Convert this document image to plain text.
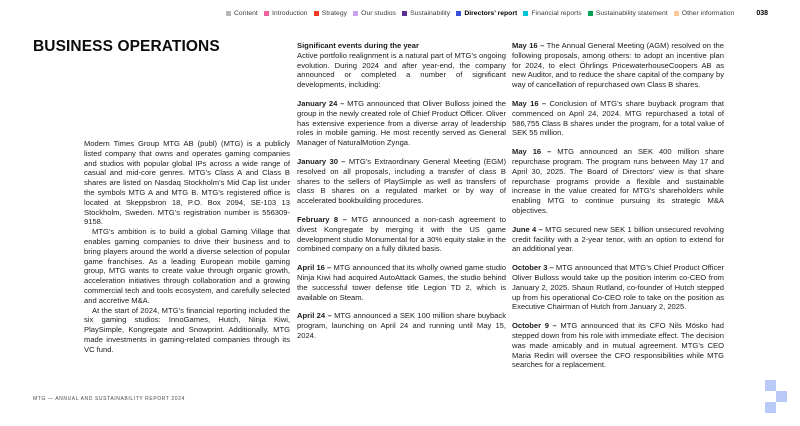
Content Introduction Strategy Our studios Sustainability Directors’ report Financial reports Sustainability statement Other information	038
BUSINESS OPERATIONS

Modern Times Group MTG AB (publ) (MTG) is a publicly listed company that owns and operates gaming companies and studios with popular global IPs across a wide range of casual and mid-core genres. MTG’s Class A and Class B shares are listed on Nasdaq Stockholm’s Mid Cap list under the symbols MTG A and MTG B. MTG’s registered office is located at Skeppsbron 18, P.O. Box 2094, SE-103 13 Stockholm, Sweden. MTG’s registration number is 556309-9158.

MTG’s ambition is to build a global Gaming Village that enables gaming companies to drive their business and to bring players around the world a diverse selection of popular game franchises. As a leading European mobile gaming group, MTG wants to create value through organic growth, acceleration initiatives through collaboration and a growing commercial tech and tools ecosystem, and carefully selected and accretive M&A.

At the start of 2024, MTG’s financial reporting included the six gaming studios: InnoGames, Hutch, Ninja Kiwi, PlaySimple, Kongregate and Snowprint. Additionally, MTG made investments in gaming-related companies through its VC fund.

Significant events during the year

Active portfolio realignment is a natural part of MTG’s ongoing evolution. During 2024 and after year-end, the company announced or completed a number of significant developments, including:

January 24 – MTG announced that Oliver Bulloss joined the group in the newly created role of Chief Product Officer. Oliver has extensive experience from a diverse array of leadership roles in mobile gaming. He most recently served as General Manager of NaturalMotion Zynga.

January 30 – MTG’s Extraordinary General Meeting (EGM) resolved on all proposals, including a transfer of class B shares to the sellers of PlaySimple as well as transfers of class B shares on a regulated market or by way of accelerated bookbuilding procedures.

February 8 – MTG announced a non-cash agreement to divest Kongregate by merging it with the US game development studio Monumental for a 30% equity stake in the combined company on a fully diluted basis.

April 16 – MTG announced that its wholly owned game studio Ninja Kiwi had acquired AutoAttack Games, the studio behind the successful tower defense title Legion TD 2, which is available on Steam.

April 24 – MTG announced a SEK 100 million share buyback program, launching on April 24 and running until May 15, 2024.

May 16 – The Annual General Meeting (AGM) resolved on the following proposals, among others: to adopt an incentive plan for 2024, to elect Öhrlings PricewaterhouseCoopers AB as new Auditor, and to reduce the share capital of the company by way of cancellation of repurchased own Class B shares.

May 16 – Conclusion of MTG’s share buyback program that commenced on April 24, 2024. MTG repurchased a total of 586,755 Class B shares under the program, for a total value of SEK 55 million.

May 16 – MTG announced an SEK 400 million share repurchase program. The program runs between May 17 and April 30, 2025. The Board of Directors’ view is that share repurchase programs provide a flexible and sustainable increase in the value created for MTG’s shareholders while enabling MTG to continue pursuing its strategic M&A objectives.

June 4 – MTG secured new SEK 1 billion unsecured revolving credit facility with a 2-year tenor, with an option to extend for an additional year.

October 3 – MTG announced that MTG’s Chief Product Officer Oliver Bulloss would take up the position interim co-CEO from January 2, 2025. Shaun Rutland, co-founder of Hutch stepped up from his operational Co-CEO role to take on the position as Executive Chairman of Hutch from January 2, 2025.

October 9 – MTG announced that its CFO Nils Mösko had stepped down from his role with immediate effect. The decision was made amicably and in mutual agreement. MTG’s CEO Maria Redin will oversee the CFO responsibilities while MTG searches for a replacement.

MTG — ANNUAL AND SUSTAINABILITY REPORT 2024
